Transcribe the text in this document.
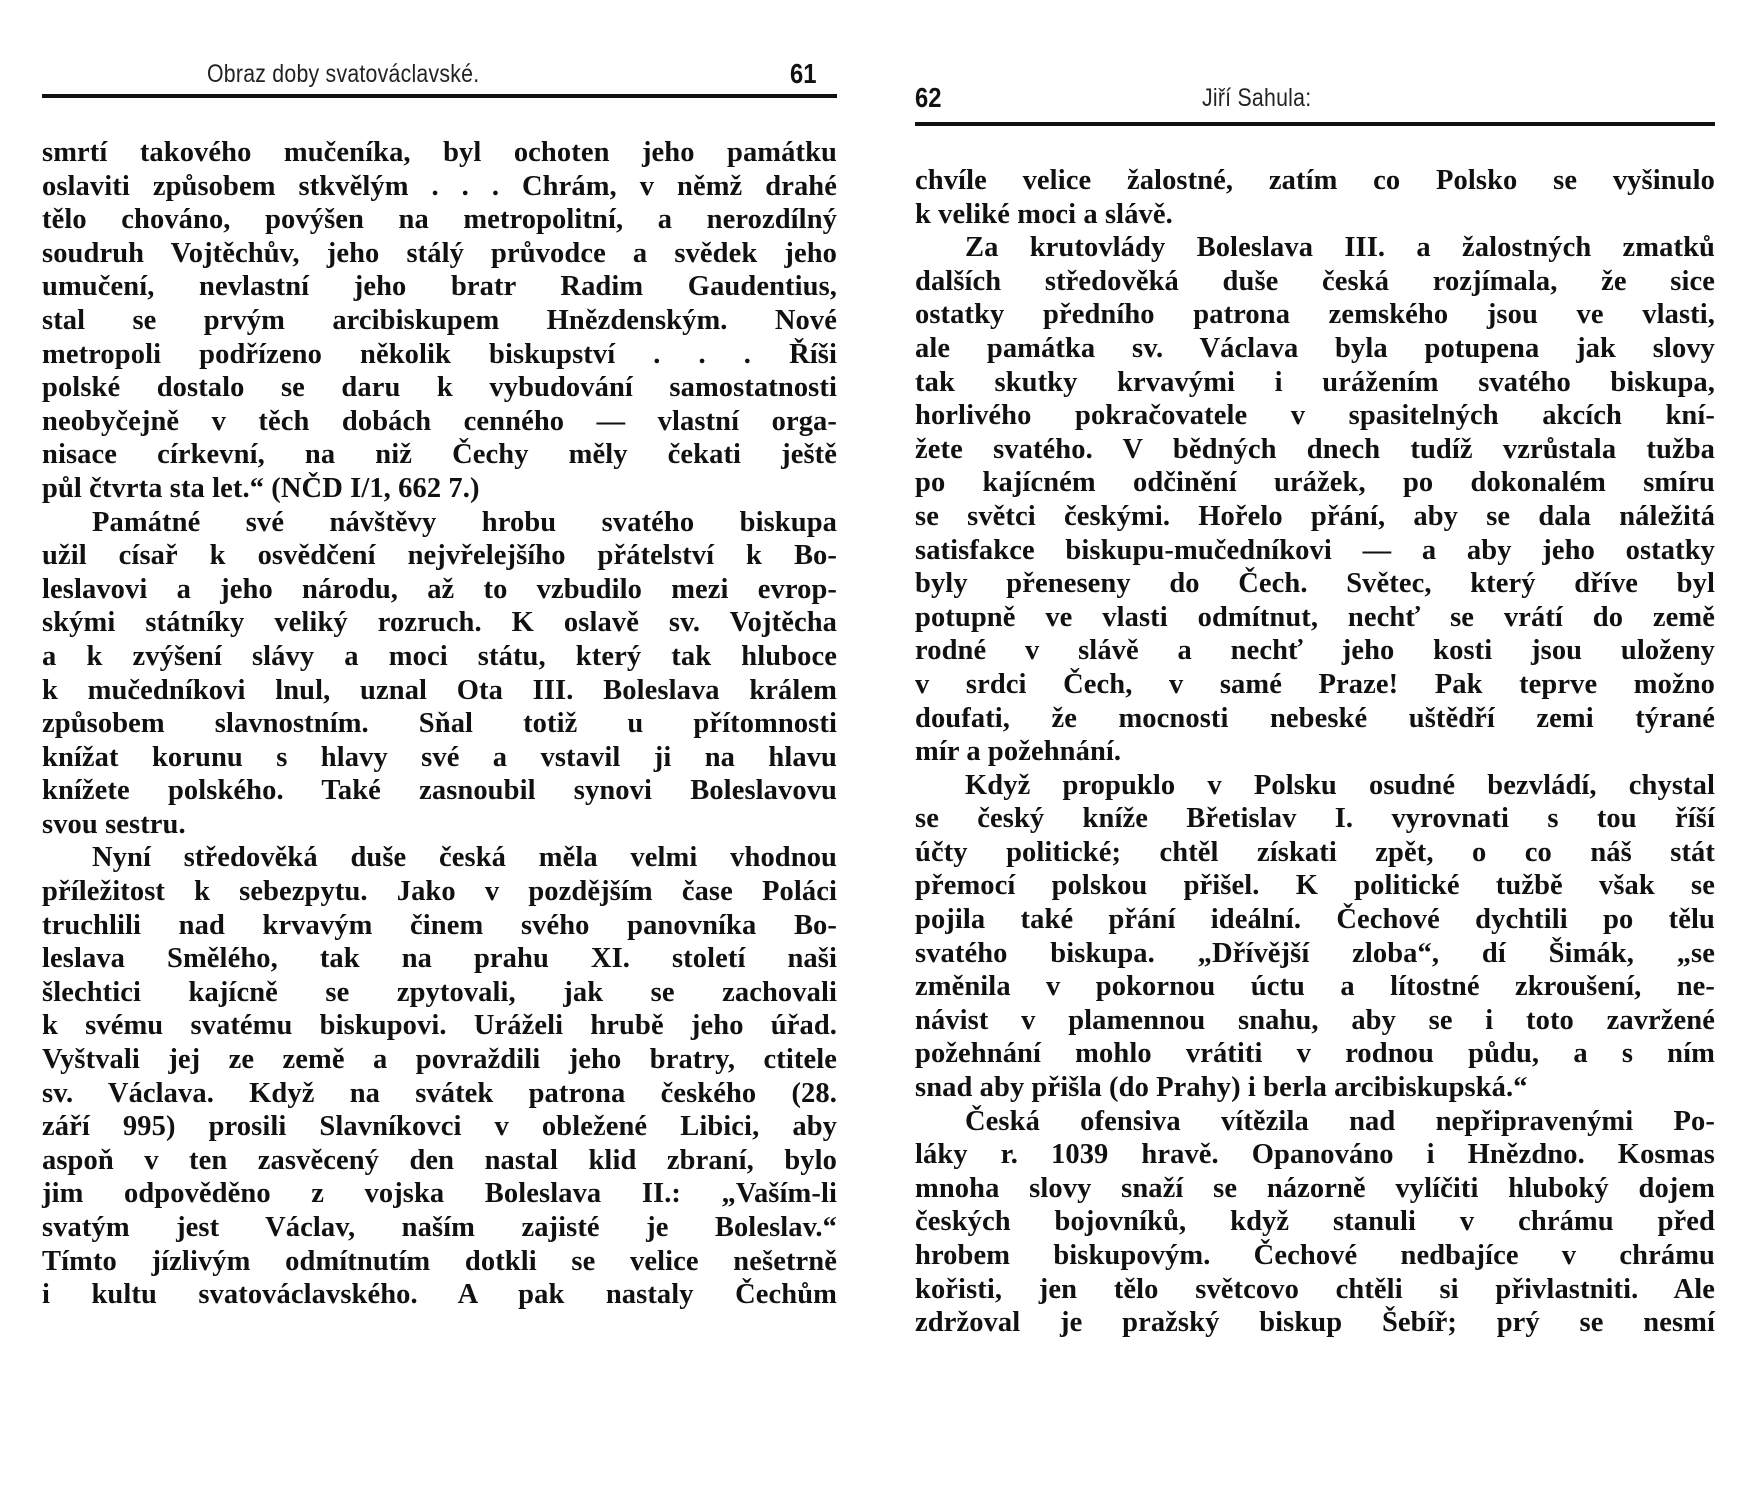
Obraz doby svatováclavské.	61
smrtí takového mučeníka, byl ochoten jeho památku
oslaviti způsobem stkvělým . . . Chrám, v němž drahé
tělo chováno, povýšen na metropolitní, a nerozdílný
soudruh Vojtěchův, jeho stálý průvodce a svědek jeho
umučení, nevlastní jeho bratr Radim Gaudentius,
stal se prvým arcibiskupem Hnězdenským. Nové
metropoli podřízeno několik biskupství . . . Říši
polské dostalo se daru k vybudování samostatnosti
neobyčejně v těch dobách cenného — vlastní orga-
nisace církevní, na niž Čechy měly čekati ještě
půl čtvrta sta let.“ (NČD I/1, 662 7.)
Památné své návštěvy hrobu svatého biskupa
užil císař k osvědčení nejvřelejšího přátelství k Bo-
leslavovi a jeho národu, až to vzbudilo mezi evrop-
skými státníky veliký rozruch. K oslavě sv. Vojtěcha
a k zvýšení slávy a moci státu, který tak hluboce
k mučedníkovi lnul, uznal Ota III. Boleslava králem
způsobem slavnostním. Sňal totiž u přítomnosti
knížat korunu s hlavy své a vstavil ji na hlavu
knížete polského. Také zasnoubil synovi Boleslavovu
svou sestru.
Nyní středověká duše česká měla velmi vhodnou
příležitost k sebezpytu. Jako v pozdějším čase Poláci
truchlili nad krvavým činem svého panovníka Bo-
leslava Smělého, tak na prahu XI. století naši
šlechtici kajícně se zpytovali, jak se zachovali
k svému svatému biskupovi. Uráželi hrubě jeho úřad.
Vyštvali jej ze země a povraždili jeho bratry, ctitele
sv. Václava. Když na svátek patrona českého (28.
září 995) prosili Slavníkovci v obležené Libici, aby
aspoň v ten zasvěcený den nastal klid zbraní, bylo
jim odpověděno z vojska Boleslava II.: „Vaším-li
svatým jest Václav, naším zajisté je Boleslav.“
Tímto jízlivým odmítnutím dotkli se velice nešetrně
i kultu svatováclavského. A pak nastaly Čechům
62	Jiří Sahula:
chvíle velice žalostné, zatím co Polsko se vyšinulo
k veliké moci a slávě.
Za krutovlády Boleslava III. a žalostných zmatků
dalších středověká duše česká rozjímala, že sice
ostatky předního patrona zemského jsou ve vlasti,
ale památka sv. Václava byla potupena jak slovy
tak skutky krvavými i urážením svatého biskupa,
horlivého pokračovatele v spasitelných akcích kní-
žete svatého. V bědných dnech tudíž vzrůstala tužba
po kajícném odčinění urážek, po dokonalém smíru
se světci českými. Hořelo přání, aby se dala náležitá
satisfakce biskupu-mučedníkovi — a aby jeho ostatky
byly přeneseny do Čech. Světec, který dříve byl
potupně ve vlasti odmítnut, nechť se vrátí do země
rodné v slávě a nechť jeho kosti jsou uloženy
v srdci Čech, v samé Praze! Pak teprve možno
doufati, že mocnosti nebeské uštědří zemi týrané
mír a požehnání.
Když propuklo v Polsku osudné bezvládí, chystal
se český kníže Břetislav I. vyrovnati s tou říší
účty politické; chtěl získati zpět, o co náš stát
přemocí polskou přišel. K politické tužbě však se
pojila také přání ideální. Čechové dychtili po tělu
svatého biskupa. „Dřívější zloba“, dí Šimák, „se
změnila v pokornou úctu a lítostné zkroušení, ne-
návist v plamennou snahu, aby se i toto zavržené
požehnání mohlo vrátiti v rodnou půdu, a s ním
snad aby přišla (do Prahy) i berla arcibiskupská.“
Česká ofensiva vítězila nad nepřipravenými Po-
láky r. 1039 hravě. Opanováno i Hnězdno. Kosmas
mnoha slovy snaží se názorně vylíčiti hluboký dojem
českých bojovníků, když stanuli v chrámu před
hrobem biskupovým. Čechové nedbajíce v chrámu
kořisti, jen tělo světcovo chtěli si přivlastniti. Ale
zdržoval je pražský biskup Šebíř; prý se nesmí
